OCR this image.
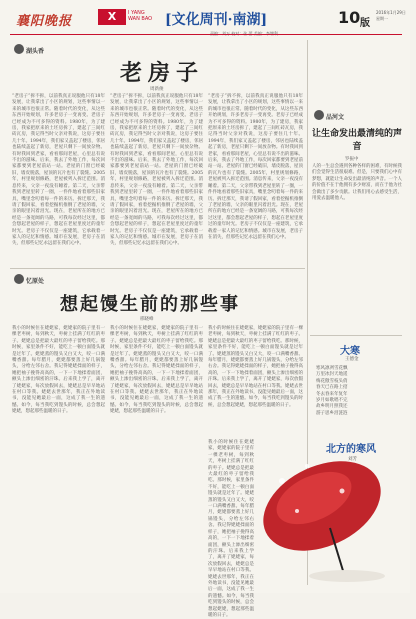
襄阳晚报	X	I YANG
WAN BAO [文化周刊·南湖]	10 版
2016年1月29日
星期一
湖头香
老房子
周新俊
“老房子”拆不拆，以前我真正说服他只有18年发展，让我拿出了小区的规划，这些事情以一来的城市也很正常。随着时代的变化，从这些东西开始规划，许多老房子一变再变。老房子已经成为不可多得的资料。1980年，为了建房，我家把原来的土坯房拆了，建起了三间红砖瓦房，我记得当时父亲对我说，这房子要住几十年。1994年，我们家又盖起了楼房，邻居也陆续盖起了新房，老屋只剩下一间放杂物。有时我回到老家，看看那间老屋，心里总有说不出的滋味。后来，我去了外地工作，每次回家都要到老屋前站一站。老屋的门窗已经破旧，墙皮脱落，屋顶的瓦片也有了裂缝。2005年，村里规划修路，老屋被列入拆迁范围。消息传来，父亲一夜没有睡着。第二天，父亲带我到老屋里转了一圈，一件件地看着那些旧家具，嘴里念叨着每一件的来历。拆迁那天，我请了假回家，看着挖掘机推倒了老屋的墙，父亲的眼里闪着泪光。现在，老屋所在的地方已经是一条宽阔的马路，可我每次经过这里，都会想起老屋的样子，想起在老屋里度过的童年时光。老房子不仅仅是一座建筑，它承载着一家人的记忆和情感。城市在发展，老房子在消失，但那些记忆永远留在我们心中。
“老房子”拆不拆，以前我真正说服他只有18年发展，让我拿出了小区的规划，这些事情以一来的城市也很正常。随着时代的变化，从这些东西开始规划，许多老房子一变再变。老房子已经成为不可多得的资料。1980年，为了建房，我家把原来的土坯房拆了，建起了三间红砖瓦房，我记得当时父亲对我说，这房子要住几十年。1994年，我们家又盖起了楼房，邻居也陆续盖起了新房，老屋只剩下一间放杂物。有时我回到老家，看看那间老屋，心里总有说不出的滋味。后来，我去了外地工作，每次回家都要到老屋前站一站。老屋的门窗已经破旧，墙皮脱落，屋顶的瓦片也有了裂缝。2005年，村里规划修路，老屋被列入拆迁范围。消息传来，父亲一夜没有睡着。第二天，父亲带我到老屋里转了一圈，一件件地看着那些旧家具，嘴里念叨着每一件的来历。拆迁那天，我请了假回家，看着挖掘机推倒了老屋的墙，父亲的眼里闪着泪光。现在，老屋所在的地方已经是一条宽阔的马路，可我每次经过这里，都会想起老屋的样子，想起在老屋里度过的童年时光。老房子不仅仅是一座建筑，它承载着一家人的记忆和情感。城市在发展，老房子在消失，但那些记忆永远留在我们心中。
“老房子”拆不拆，以前我真正说服他只有18年发展，让我拿出了小区的规划，这些事情以一来的城市也很正常。随着时代的变化，从这些东西开始规划，许多老房子一变再变。老房子已经成为不可多得的资料。1980年，为了建房，我家把原来的土坯房拆了，建起了三间红砖瓦房，我记得当时父亲对我说，这房子要住几十年。1994年，我们家又盖起了楼房，邻居也陆续盖起了新房，老屋只剩下一间放杂物。有时我回到老家，看看那间老屋，心里总有说不出的滋味。后来，我去了外地工作，每次回家都要到老屋前站一站。老屋的门窗已经破旧，墙皮脱落，屋顶的瓦片也有了裂缝。2005年，村里规划修路，老屋被列入拆迁范围。消息传来，父亲一夜没有睡着。第二天，父亲带我到老屋里转了一圈，一件件地看着那些旧家具，嘴里念叨着每一件的来历。拆迁那天，我请了假回家，看着挖掘机推倒了老屋的墙，父亲的眼里闪着泪光。现在，老屋所在的地方已经是一条宽阔的马路，可我每次经过这里，都会想起老屋的样子，想起在老屋里度过的童年时光。老房子不仅仅是一座建筑，它承载着一家人的记忆和情感。城市在发展，老房子在消失，但那些记忆永远留在我们心中。
忆原处
想起馒生前的那些事
邢晓峰
我小的时候住在姥姥家，姥姥家的院子里有一棵老枣树，每到秋天，枣树上挂满了红红的枣子。姥姥总是把最大最红的枣子留给我吃。那时候，家里条件不好，能吃上一顿白面馒头就是过年了。姥姥蒸的馒头又白又大，咬一口满嘴香甜。每年腊月，姥姥都要蒸上好几锅馒头，分给左邻右舍。我记得姥姥揉面的样子，她把袖子挽得高高的，一下一下地揉着面团，额头上渗出细密的汗珠。后来我上学了，离开了姥姥家，每次放假回去，姥姥总是早早地站在村口等我。姥姥去世那年，我正在外地读书，没能见她最后一面，这成了我一生的遗憾。如今，每当我吃到馒头的时候，总会想起姥姥，想起那些温暖的日子。
我小的时候住在姥姥家，姥姥家的院子里有一棵老枣树，每到秋天，枣树上挂满了红红的枣子。姥姥总是把最大最红的枣子留给我吃。那时候，家里条件不好，能吃上一顿白面馒头就是过年了。姥姥蒸的馒头又白又大，咬一口满嘴香甜。每年腊月，姥姥都要蒸上好几锅馒头，分给左邻右舍。我记得姥姥揉面的样子，她把袖子挽得高高的，一下一下地揉着面团，额头上渗出细密的汗珠。后来我上学了，离开了姥姥家，每次放假回去，姥姥总是早早地站在村口等我。姥姥去世那年，我正在外地读书，没能见她最后一面，这成了我一生的遗憾。如今，每当我吃到馒头的时候，总会想起姥姥，想起那些温暖的日子。
我小的时候住在姥姥家，姥姥家的院子里有一棵老枣树，每到秋天，枣树上挂满了红红的枣子。姥姥总是把最大最红的枣子留给我吃。那时候，家里条件不好，能吃上一顿白面馒头就是过年了。姥姥蒸的馒头又白又大，咬一口满嘴香甜。每年腊月，姥姥都要蒸上好几锅馒头，分给左邻右舍。我记得姥姥揉面的样子，她把袖子挽得高高的，一下一下地揉着面团，额头上渗出细密的汗珠。后来我上学了，离开了姥姥家，每次放假回去，姥姥总是早早地站在村口等我。姥姥去世那年，我正在外地读书，没能见她最后一面，这成了我一生的遗憾。如今，每当我吃到馒头的时候，总会想起姥姥，想起那些温暖的日子。
我小的时候住在姥姥家，姥姥家的院子里有一棵老枣树，每到秋天，枣树上挂满了红红的枣子。姥姥总是把最大最红的枣子留给我吃。那时候，家里条件不好，能吃上一顿白面馒头就是过年了。姥姥蒸的馒头又白又大，咬一口满嘴香甜。每年腊月，姥姥都要蒸上好几锅馒头，分给左邻右舍。我记得姥姥揉面的样子，她把袖子挽得高高的，一下一下地揉着面团，额头上渗出细密的汗珠。后来我上学了，离开了姥姥家，每次放假回去，姥姥总是早早地站在村口等我。姥姥去世那年，我正在外地读书，没能见她最后一面，这成了我一生的遗憾。如今，每当我吃到馒头的时候，总会想起姥姥，想起那些温暖的日子。
品河文
让生命发出最清纯的声音
罗振中
人的一生总会遇到各种各样的困难，有时候我们会觉得生活很艰难。但是，只要我们心中有梦想，就能让生命发出最清纯的声音。一个人的价值不在于他拥有多少财富，而在于他为社会做出了多少贡献。让我们用心去感受生活，用爱去温暖他人。
大寒
王德金
寒风凛冽雪花飘
万里冰封天地遥
梅花傲雪枝头俏
春天已在路上招
冬去春来年复年
岁月如歌唱不完
故乡明月照我还
游子思乡泪涟涟
北方的寒风
刘芳
